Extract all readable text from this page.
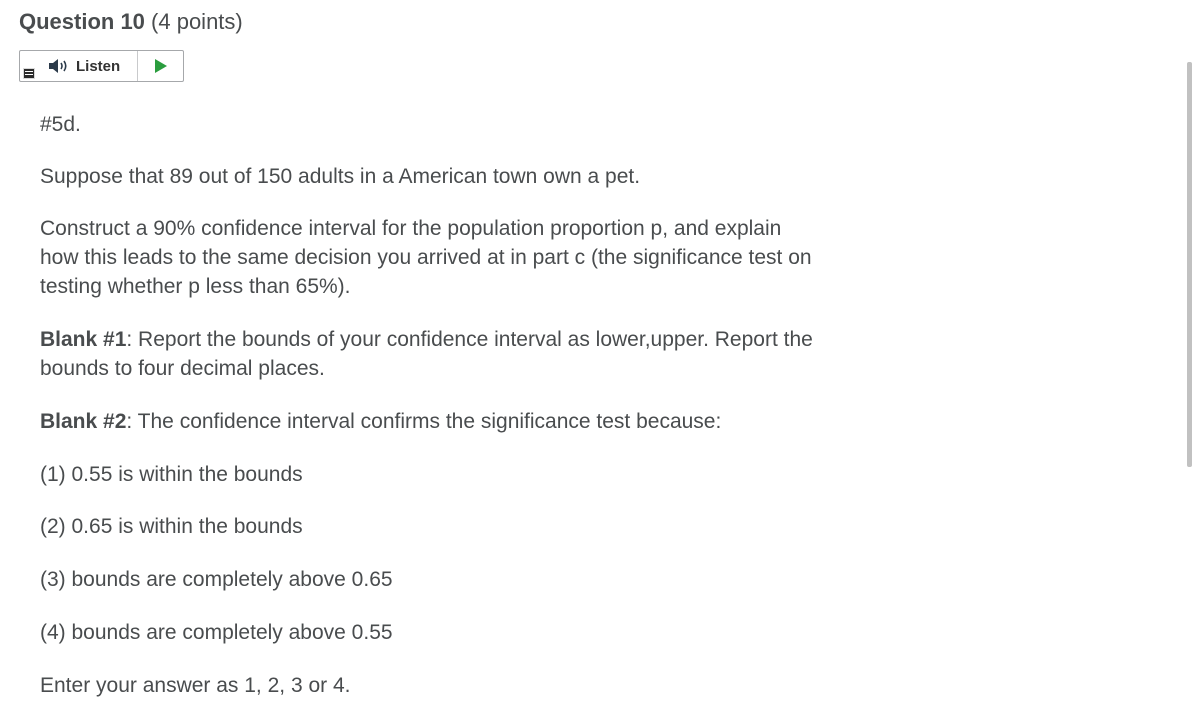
Question 10 (4 points)
Listen

#5d.

Suppose that 89 out of 150 adults in a American town own a pet.

Construct a 90% confidence interval for the population proportion p, and explain

how this leads to the same decision you arrived at in part c (the significance test on

testing whether p less than 65%).

Blank #1: Report the bounds of your confidence interval as lower,upper. Report the

bounds to four decimal places.

Blank #2: The confidence interval confirms the significance test because:

(1) 0.55 is within the bounds

(2) 0.65 is within the bounds

(3) bounds are completely above 0.65

(4) bounds are completely above 0.55

Enter your answer as 1, 2, 3 or 4.
